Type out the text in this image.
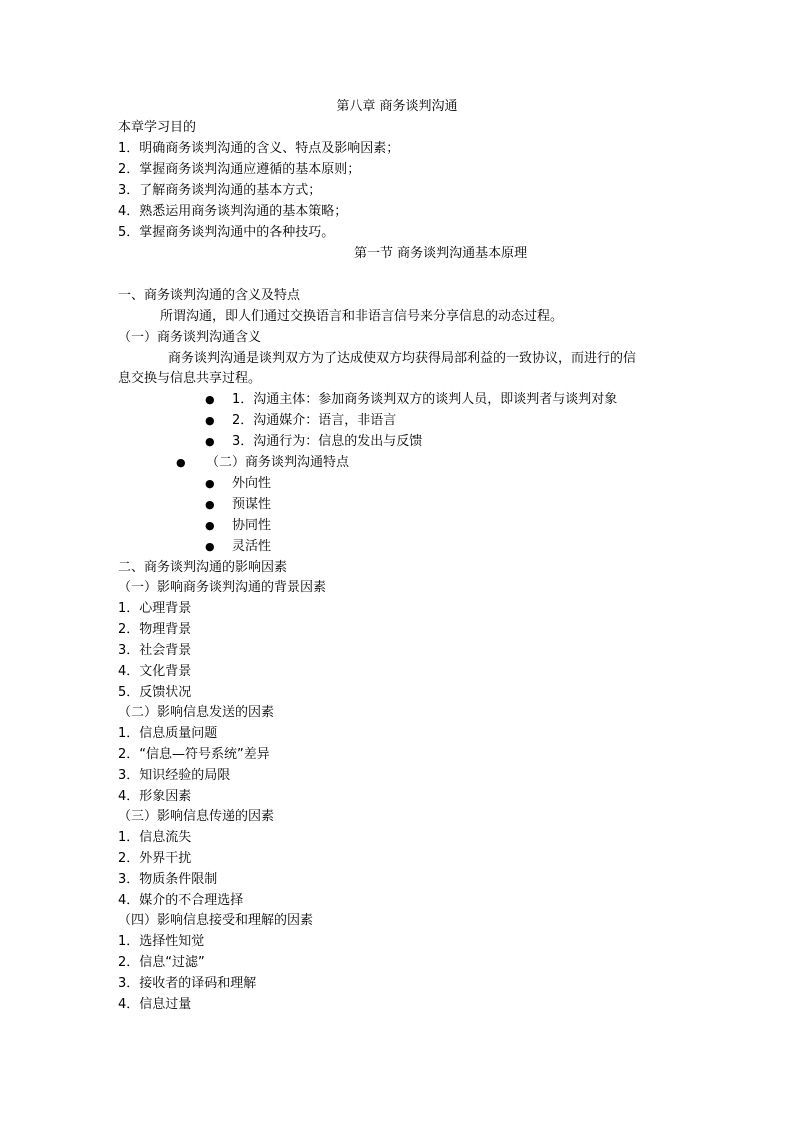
第八章 商务谈判沟通
本章学习目的
1．明确商务谈判沟通的含义、特点及影响因素；
2．掌握商务谈判沟通应遵循的基本原则；
3．了解商务谈判沟通的基本方式；
4．熟悉运用商务谈判沟通的基本策略；
5．掌握商务谈判沟通中的各种技巧。
第一节 商务谈判沟通基本原理
一、商务谈判沟通的含义及特点
所谓沟通，即人们通过交换语言和非语言信号来分享信息的动态过程。
（一）商务谈判沟通含义
商务谈判沟通是谈判双方为了达成使双方均获得局部利益的一致协议，而进行的信
息交换与信息共享过程。
● 1．沟通主体：参加商务谈判双方的谈判人员，即谈判者与谈判对象
● 2．沟通媒介：语言，非语言
● 3．沟通行为：信息的发出与反馈
● （二）商务谈判沟通特点
● 外向性
● 预谋性
● 协同性
● 灵活性
二、商务谈判沟通的影响因素
（一）影响商务谈判沟通的背景因素
1．心理背景
2．物理背景
3．社会背景
4．文化背景
5．反馈状况
（二）影响信息发送的因素
1．信息质量问题
2．“信息—符号系统”差异
3．知识经验的局限
4．形象因素
（三）影响信息传递的因素
1．信息流失
2．外界干扰
3．物质条件限制
4．媒介的不合理选择
（四）影响信息接受和理解的因素
1．选择性知觉
2．信息“过滤”
3．接收者的译码和理解
4．信息过量
